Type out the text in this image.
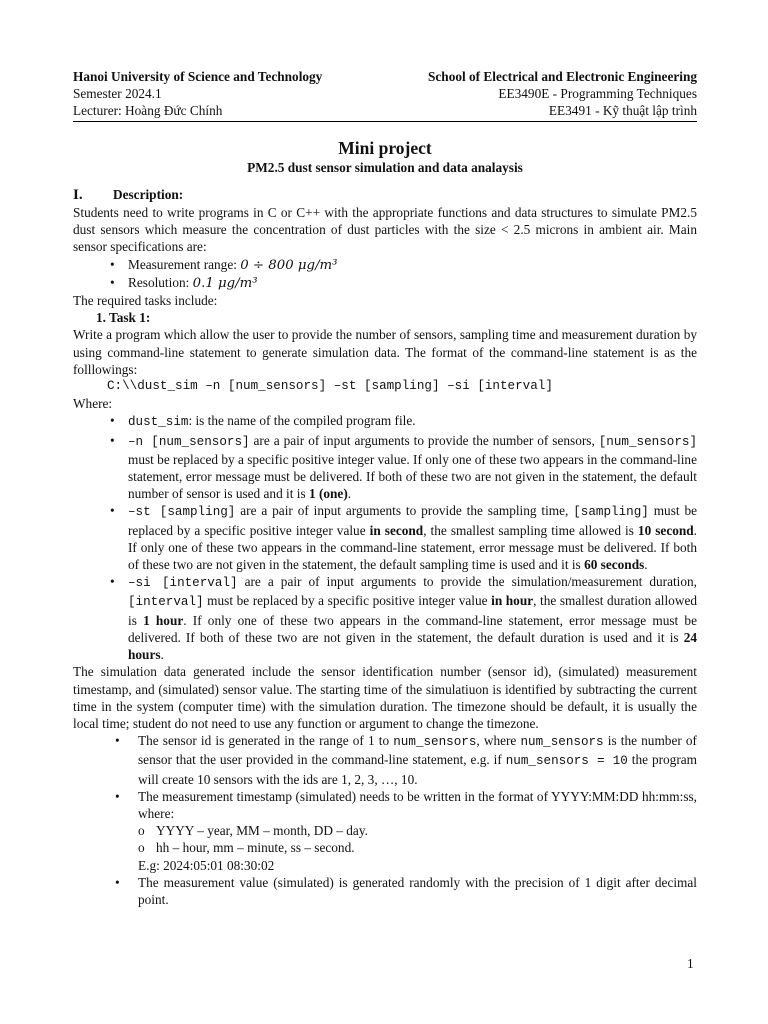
Hanoi University of Science and Technology	School of Electrical and Electronic Engineering
Semester 2024.1	EE3490E - Programming Techniques
Lecturer: Hoàng Đức Chính	EE3491 - Kỹ thuật lập trình
Mini project
PM2.5 dust sensor simulation and data analaysis
I. Description:

Students need to write programs in C or C++ with the appropriate functions and data structures to simulate PM2.5 dust sensors which measure the concentration of dust particles with the size < 2.5 microns in ambient air. Main sensor specifications are:

• Measurement range: 0 ÷ 800 μg/m³
• Resolution: 0.1 μg/m³

The required tasks include:

1. Task 1:

Write a program which allow the user to provide the number of sensors, sampling time and measurement duration by using command-line statement to generate simulation data. The format of the command-line statement is as the folllowings:

C:\\dust_sim –n [num_sensors] –st [sampling] –si [interval]

Where:

• dust_sim: is the name of the compiled program file.
• –n [num_sensors] are a pair of input arguments to provide the number of sensors, [num_sensors] must be replaced by a specific positive integer value. If only one of these two appears in the command-line statement, error message must be delivered. If both of these two are not given in the statement, the default number of sensor is used and it is 1 (one).
• –st [sampling] are a pair of input arguments to provide the sampling time, [sampling] must be replaced by a specific positive integer value in second, the smallest sampling time allowed is 10 second. If only one of these two appears in the command-line statement, error message must be delivered. If both of these two are not given in the statement, the default sampling time is used and it is 60 seconds.
• –si [interval] are a pair of input arguments to provide the simulation/measurement duration, [interval] must be replaced by a specific positive integer value in hour, the smallest duration allowed is 1 hour. If only one of these two appears in the command-line statement, error message must be delivered. If both of these two are not given in the statement, the default duration is used and it is 24 hours.

The simulation data generated include the sensor identification number (sensor id), (simulated) measurement timestamp, and (simulated) sensor value. The starting time of the simulatiuon is identified by subtracting the current time in the system (computer time) with the simulation duration. The timezone should be default, it is usually the local time; student do not need to use any function or argument to change the timezone.

• The sensor id is generated in the range of 1 to num_sensors, where num_sensors is the number of sensor that the user provided in the command-line statement, e.g. if num_sensors = 10 the program will create 10 sensors with the ids are 1, 2, 3, …, 10.
• The measurement timestamp (simulated) needs to be written in the format of YYYY:MM:DD hh:mm:ss, where:
o YYYY – year, MM – month, DD – day.
o hh – hour, mm – minute, ss – second.
E.g: 2024:05:01 08:30:02
• The measurement value (simulated) is generated randomly with the precision of 1 digit after decimal point.
1
